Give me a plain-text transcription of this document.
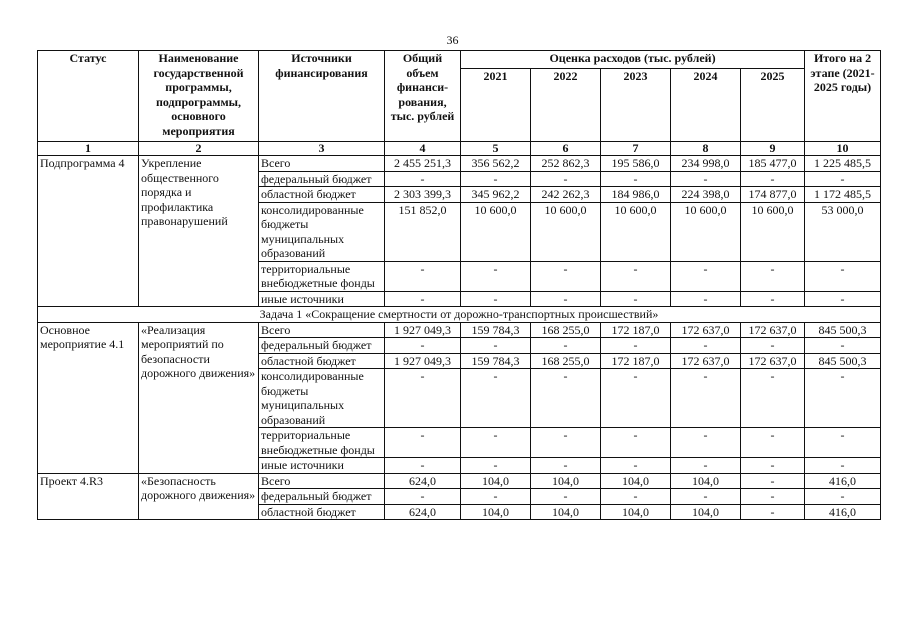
36
Статус	Наименование государственной программы, подпрограммы, основного мероприятия	Источники финансирования	Общий объем финанси-рования, тыс. рублей	Оценка расходов (тыс. рублей)					Итого на 2 этапе (2021-2025 годы)
				2021	2022	2023	2024	2025	
1	2	3	4	5	6	7	8	9	10
Подпрограмма 4	Укрепление общественного порядка и профилактика правонарушений	Всего	2 455 251,3	356 562,2	252 862,3	195 586,0	234 998,0	185 477,0	1 225 485,5
		федеральный бюджет	-	-	-	-	-	-	-
		областной бюджет	2 303 399,3	345 962,2	242 262,3	184 986,0	224 398,0	174 877,0	1 172 485,5
		консолидированные бюджеты муниципальных образований	151 852,0	10 600,0	10 600,0	10 600,0	10 600,0	10 600,0	53 000,0
		территориальные внебюджетные фонды	-	-	-	-	-	-	-
		иные источники	-	-	-	-	-	-	-
Задача 1 «Сокращение смертности от дорожно-транспортных происшествий»									
Основное мероприятие 4.1	«Реализация мероприятий по безопасности дорожного движения»	Всего	1 927 049,3	159 784,3	168 255,0	172 187,0	172 637,0	172 637,0	845 500,3
		федеральный бюджет	-	-	-	-	-	-	-
		областной бюджет	1 927 049,3	159 784,3	168 255,0	172 187,0	172 637,0	172 637,0	845 500,3
		консолидированные бюджеты муниципальных образований	-	-	-	-	-	-	-
		территориальные внебюджетные фонды	-	-	-	-	-	-	-
		иные источники	-	-	-	-	-	-	-
Проект 4.R3	«Безопасность дорожного движения»	Всего	624,0	104,0	104,0	104,0	104,0	-	416,0
		федеральный бюджет	-	-	-	-	-	-	-
		областной бюджет	624,0	104,0	104,0	104,0	104,0	-	416,0
